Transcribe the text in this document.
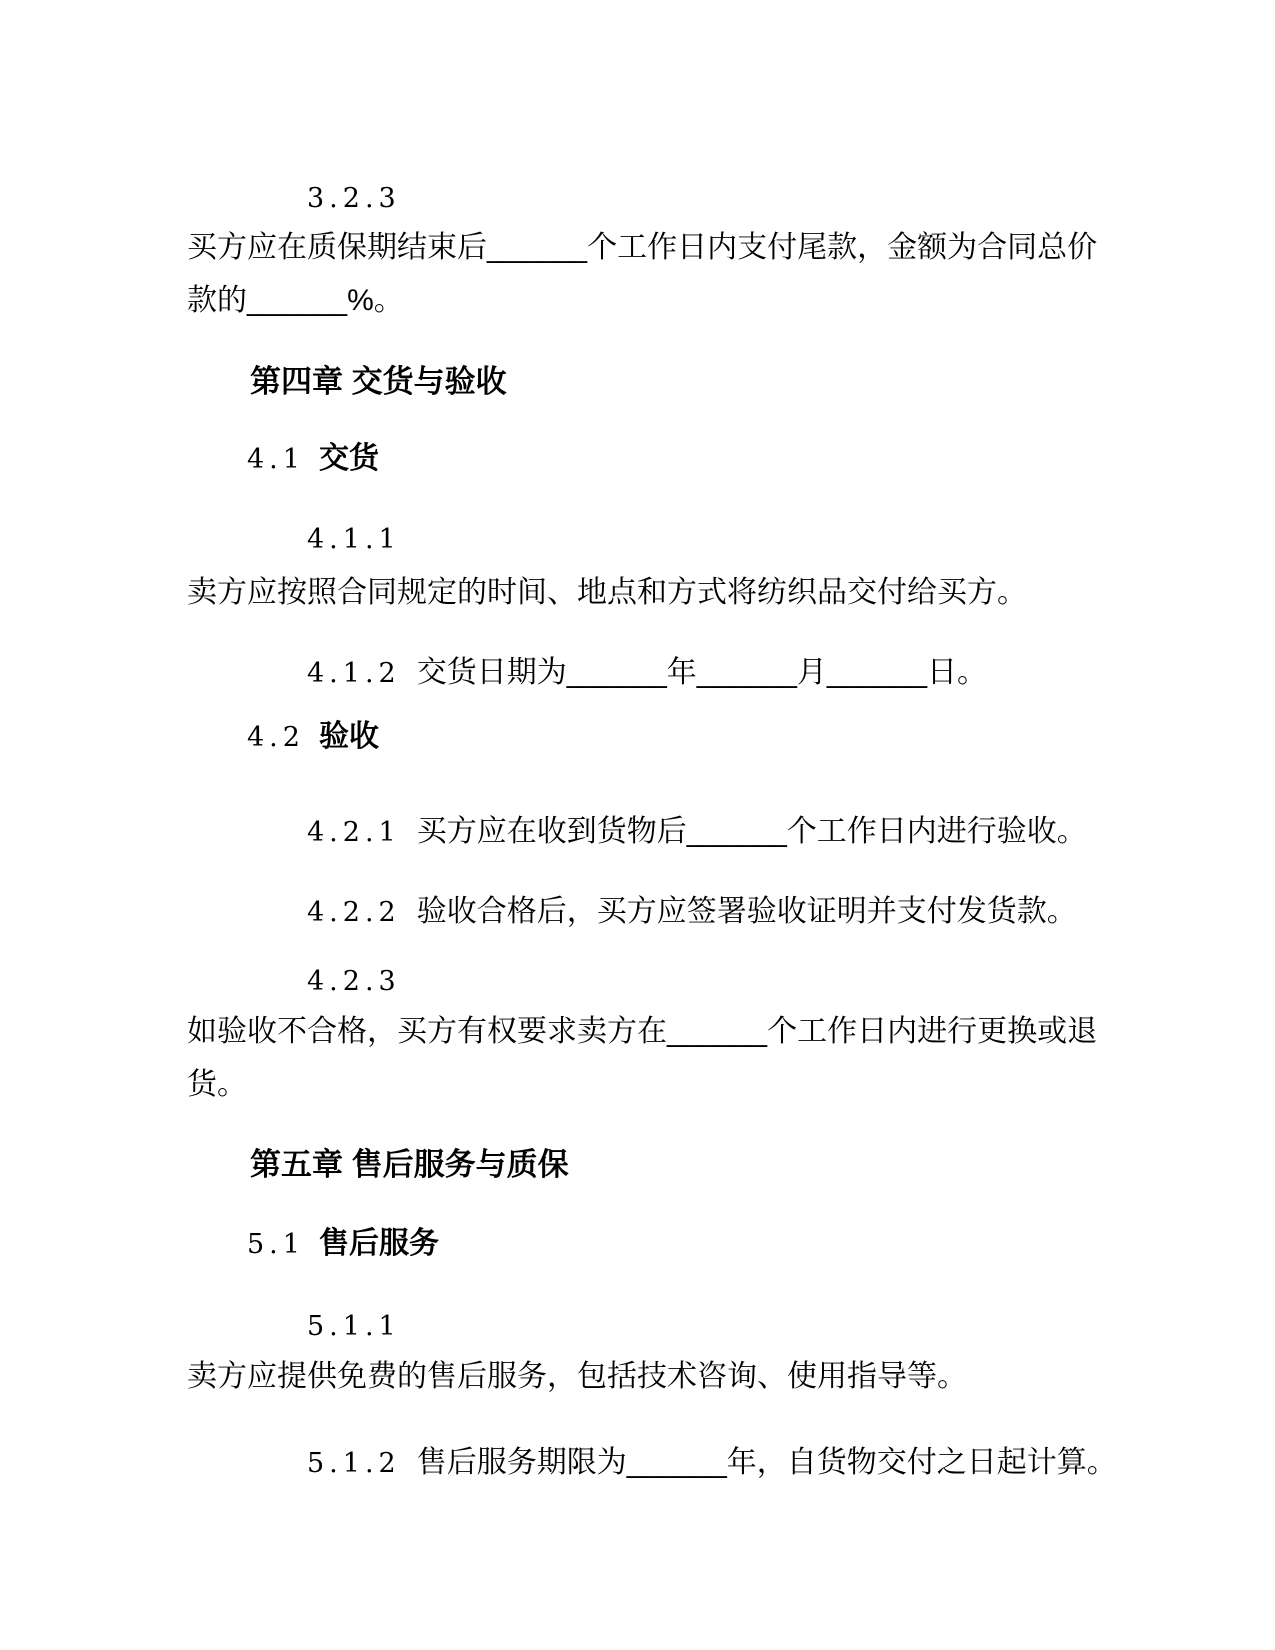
3.2.3

买方应在质保期结束后______个工作日内支付尾款，金额为合同总价
款的______%。

第四章 交货与验收
4.1 交货

4.1.1

卖方应按照合同规定的时间、地点和方式将纺织品交付给买方。

4.1.2 交货日期为______年______月______日。

4.2 验收

4.2.1 买方应在收到货物后______个工作日内进行验收。

4.2.2 验收合格后，买方应签署验收证明并支付发货款。

4.2.3

如验收不合格，买方有权要求卖方在______个工作日内进行更换或退
货。

第五章 售后服务与质保
5.1 售后服务

5.1.1

卖方应提供免费的售后服务，包括技术咨询、使用指导等。

5.1.2 售后服务期限为______年，自货物交付之日起计算。
